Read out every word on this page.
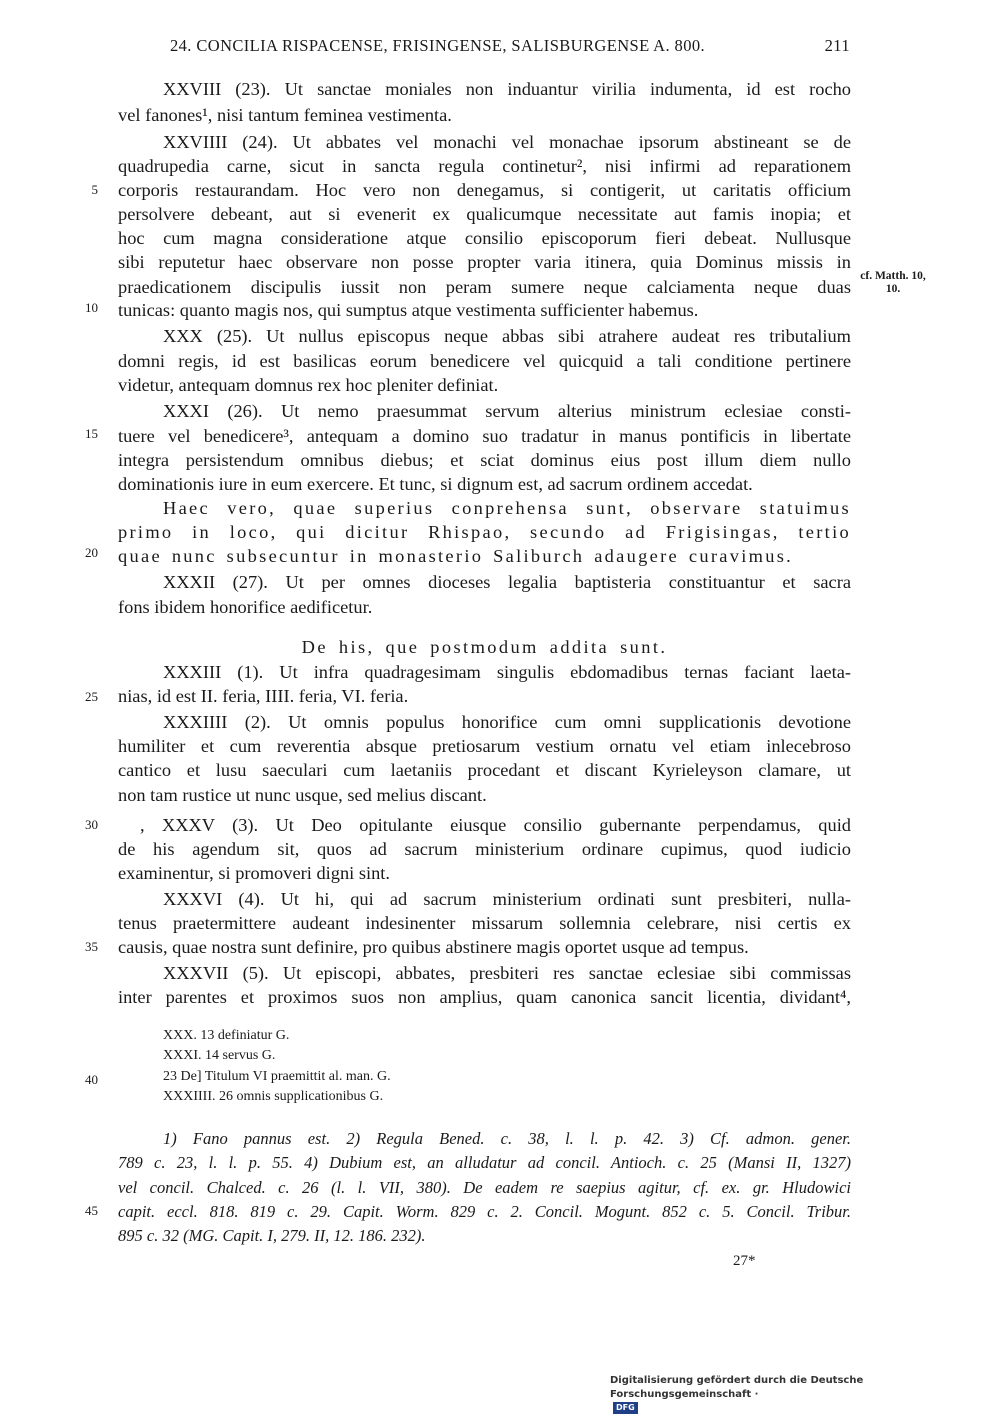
24. CONCILIA RISPACENSE, FRISINGENSE, SALISBURGENSE A. 800.	211
XXVIII (23). Ut sanctae moniales non induantur virilia indumenta, id est rocho
vel fanones¹, nisi tantum feminea vestimenta.
XXVIIII (24). Ut abbates vel monachi vel monachae ipsorum abstineant se de
quadrupedia carne, sicut in sancta regula continetur², nisi infirmi ad reparationem
corporis restaurandam. Hoc vero non denegamus, si contigerit, ut caritatis officium
persolvere debeant, aut si evenerit ex qualicumque necessitate aut famis inopia; et
hoc cum magna consideratione atque consilio episcoporum fieri debeat. Nullusque
sibi reputetur haec observare non posse propter varia itinera, quia Dominus missis in
praedicationem discipulis iussit non peram sumere neque calciamenta neque duas
tunicas: quanto magis nos, qui sumptus atque vestimenta sufficienter habemus.
XXX (25). Ut nullus episcopus neque abbas sibi atrahere audeat res tributalium
domni regis, id est basilicas eorum benedicere vel quicquid a tali conditione pertinere
videtur, antequam domnus rex hoc pleniter definiat.
XXXI (26). Ut nemo praesummat servum alterius ministrum eclesiae consti-
tuere vel benedicere³, antequam a domino suo tradatur in manus pontificis in libertate
integra persistendum omnibus diebus; et sciat dominus eius post illum diem nullo
dominationis iure in eum exercere. Et tunc, si dignum est, ad sacrum ordinem accedat.
Haec vero, quae superius conprehensa sunt, observare statuimus
primo in loco, qui dicitur Rhispao, secundo ad Frigisingas, tertio
quae nunc subsecuntur in monasterio Saliburch adaugere curavimus.
XXXII (27). Ut per omnes dioceses legalia baptisteria constituantur et sacra
fons ibidem honorifice aedificetur.
De his, que postmodum addita sunt.
XXXIII (1). Ut infra quadragesimam singulis ebdomadibus ternas faciant laeta-
nias, id est II. feria, IIII. feria, VI. feria.
XXXIIII (2). Ut omnis populus honorifice cum omni supplicationis devotione
humiliter et cum reverentia absque pretiosarum vestium ornatu vel etiam inlecebroso
cantico et lusu saeculari cum laetaniis procedant et discant Kyrieleyson clamare, ut
non tam rustice ut nunc usque, sed melius discant.
, XXXV (3). Ut Deo opitulante eiusque consilio gubernante perpendamus, quid
de his agendum sit, quos ad sacrum ministerium ordinare cupimus, quod iudicio
examinentur, si promoveri digni sint.
XXXVI (4). Ut hi, qui ad sacrum ministerium ordinati sunt presbiteri, nulla-
tenus praetermittere audeant indesinenter missarum sollemnia celebrare, nisi certis ex
causis, quae nostra sunt definire, pro quibus abstinere magis oportet usque ad tempus.
XXXVII (5). Ut episcopi, abbates, presbiteri res sanctae eclesiae sibi commissas
inter parentes et proximos suos non amplius, quam canonica sancit licentia, dividant⁴,
5
10
15
20
25
30
35
40
45
cf. Matth. 10, 10.
XXX. 13 definiatur G.
XXXI. 14 servus G.
23 De] Titulum VI praemittit al. man. G.
XXXIIII. 26 omnis supplicationibus G.
1) Fano pannus est. 2) Regula Bened. c. 38, l. l. p. 42. 3) Cf. admon. gener.
789 c. 23, l. l. p. 55. 4) Dubium est, an alludatur ad concil. Antioch. c. 25 (Mansi II, 1327)
vel concil. Chalced. c. 26 (l. l. VII, 380). De eadem re saepius agitur, cf. ex. gr. Hludowici
capit. eccl. 818. 819 c. 29. Capit. Worm. 829 c. 2. Concil. Mogunt. 852 c. 5. Concil. Tribur.
895 c. 32 (MG. Capit. I, 279. II, 12. 186. 232).
27*
Digitalisierung gefördert durch die Deutsche Forschungsgemeinschaft ·DFG
